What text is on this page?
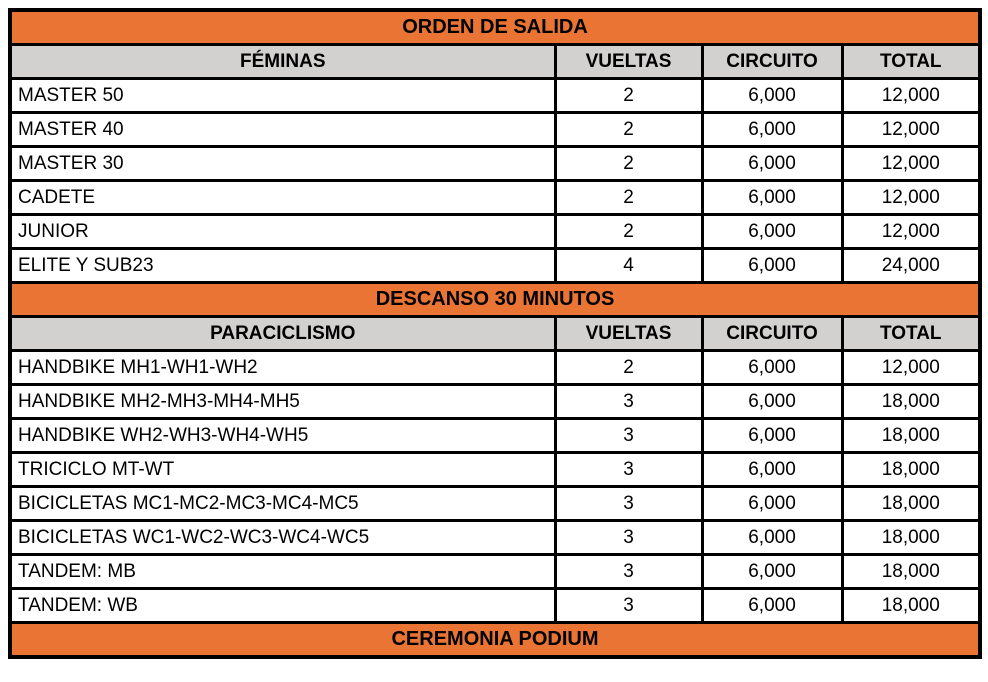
ORDEN DE SALIDA			
FÉMINAS	VUELTAS	CIRCUITO	TOTAL
MASTER 50	2	6,000	12,000
MASTER 40	2	6,000	12,000
MASTER 30	2	6,000	12,000
CADETE	2	6,000	12,000
JUNIOR	2	6,000	12,000
ELITE Y SUB23	4	6,000	24,000
DESCANSO 30 MINUTOS			
PARACICLISMO	VUELTAS	CIRCUITO	TOTAL
HANDBIKE MH1-WH1-WH2	2	6,000	12,000
HANDBIKE MH2-MH3-MH4-MH5	3	6,000	18,000
HANDBIKE WH2-WH3-WH4-WH5	3	6,000	18,000
TRICICLO MT-WT	3	6,000	18,000
BICICLETAS MC1-MC2-MC3-MC4-MC5	3	6,000	18,000
BICICLETAS WC1-WC2-WC3-WC4-WC5	3	6,000	18,000
TANDEM: MB	3	6,000	18,000
TANDEM: WB	3	6,000	18,000
CEREMONIA PODIUM			
